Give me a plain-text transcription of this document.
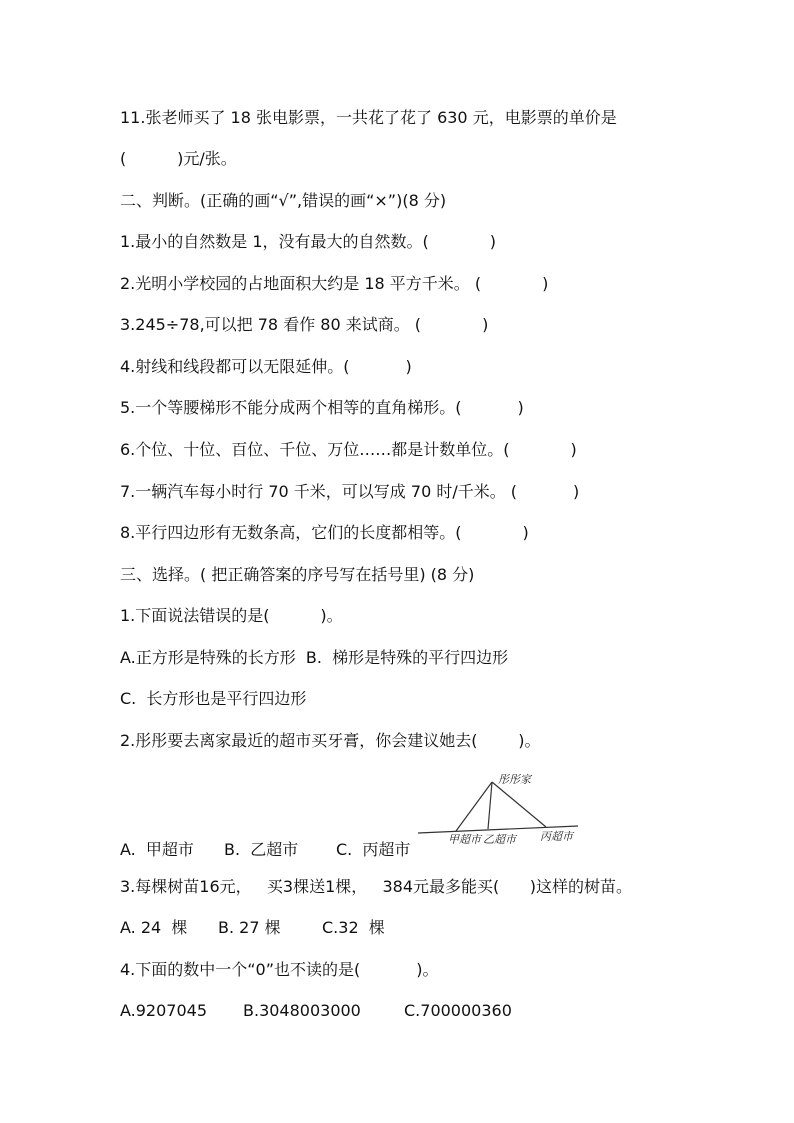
11.张老师买了 18 张电影票，一共花了花了 630 元，电影票的单价是
(          )元/张。
二、判断。(正确的画“√”,错误的画“×”)(8 分)
1.最小的自然数是 1，没有最大的自然数。(            )
2.光明小学校园的占地面积大约是 18 平方千米。 (            )
3.245÷78,可以把 78 看作 80 来试商。 (            )
4.射线和线段都可以无限延伸。(           )
5.一个等腰梯形不能分成两个相等的直角梯形。(           )
6.个位、十位、百位、千位、万位……都是计数单位。(            )
7.一辆汽车每小时行 70 千米，可以写成 70 时/千米。 (           )
8.平行四边形有无数条高，它们的长度都相等。(            )
三、选择。( 把正确答案的序号写在括号里) (8 分)
1.下面说法错误的是(          )。
A.正方形是特殊的长方形  B.  梯形是特殊的平行四边形
C.  长方形也是平行四边形
2.彤彤要去离家最近的超市买牙膏，你会建议她去(        )。
A.  甲超市 B.  乙超市 C.  丙超市
彤彤家
甲超市 乙超市 丙超市
3.每棵树苗16元，   买3棵送1棵，   384元最多能买(      )这样的树苗。
A. 24  棵 B. 27 棵	C.32  棵
4.下面的数中一个“0”也不读的是(           )。
A.9207045 B.3048003000	C.700000360
